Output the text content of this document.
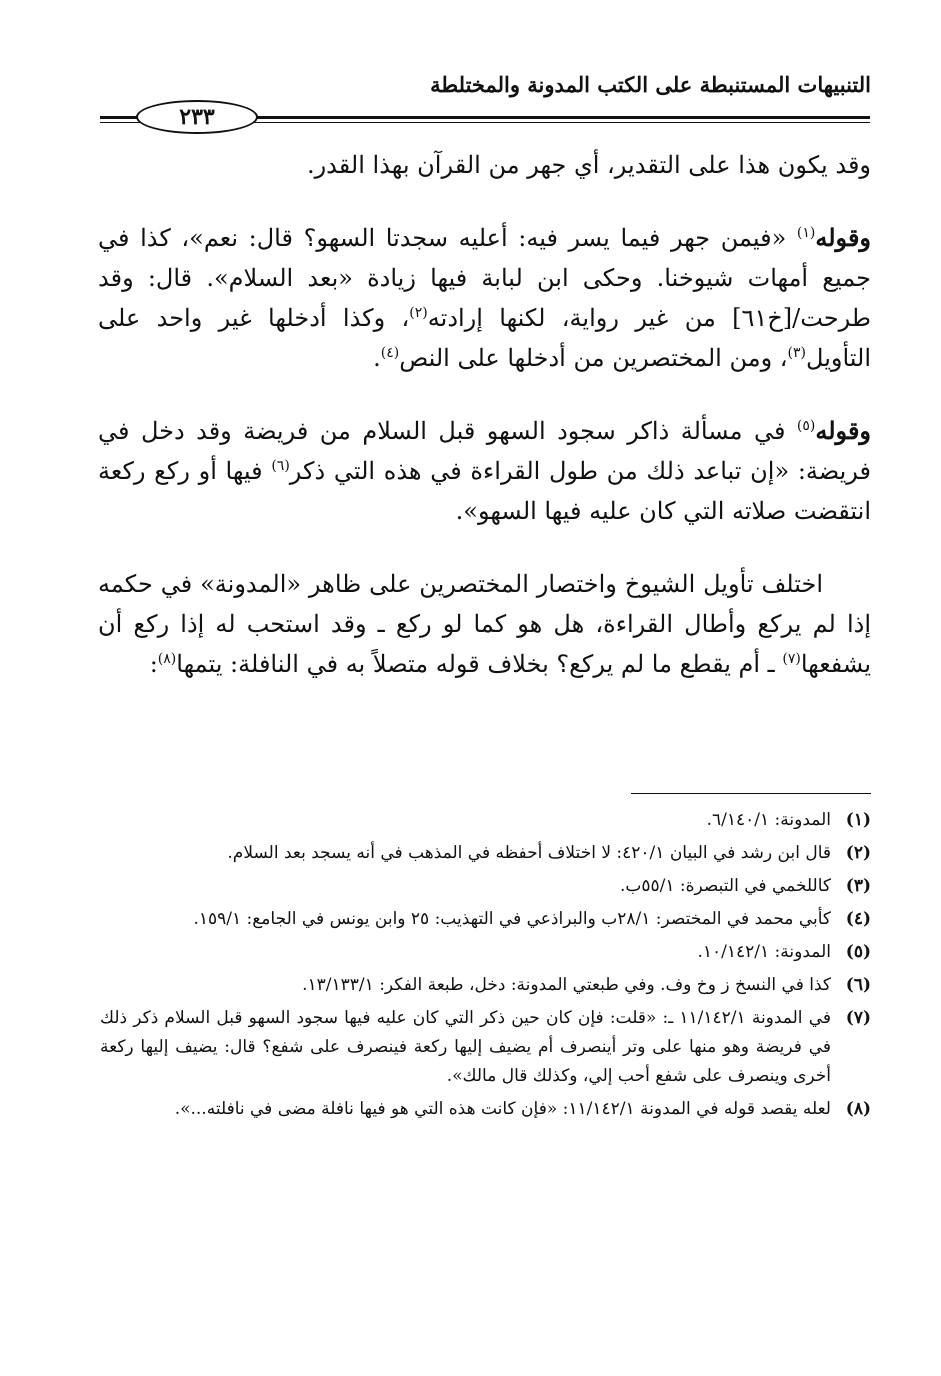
التنبيهات المستنبطة على الكتب المدونة والمختلطة
٢٣٣

وقد يكون هذا على التقدير، أي جهر من القرآن بهذا القدر.

وقوله$^{(١)}$ «فيمن جهر فيما يسر فيه: أعليه سجدتا السهو؟ قال: نعم»، كذا في جميع أمهات شيوخنا. وحكى ابن لبابة فيها زيادة «بعد السلام». قال: وقد طرحت/[خ٦١] من غير رواية، لكنها إرادته$^{(٢)}$، وكذا أدخلها غير واحد على التأويل$^{(٣)}$، ومن المختصرين من أدخلها على النص$^{(٤)}$.

وقوله$^{(٥)}$ في مسألة ذاكر سجود السهو قبل السلام من فريضة وقد دخل في فريضة: «إن تباعد ذلك من طول القراءة في هذه التي ذكر$^{(٦)}$ فيها أو ركع ركعة انتقضت صلاته التي كان عليه فيها السهو».

اختلف تأويل الشيوخ واختصار المختصرين على ظاهر «المدونة» في حكمه إذا لم يركع وأطال القراءة، هل هو كما لو ركع ـ وقد استحب له إذا ركع أن يشفعها$^{(٧)}$ ـ أم يقطع ما لم يركع؟ بخلاف قوله متصلاً به في النافلة: يتمها$^{(٨)}$:

(١)
المدونة: ٦/١٤٠/١.
(٢)
قال ابن رشد في البيان ٤٢٠/١: لا اختلاف أحفظه في المذهب في أنه يسجد بعد السلام.
(٣)
كاللخمي في التبصرة: ٥٥/١ب.
(٤)
كأبي محمد في المختصر: ٢٨/١ب والبراذعي في التهذيب: ٢٥ وابن يونس في الجامع: ١٥٩/١.
(٥)
المدونة: ١٠/١٤٢/١.
(٦)
كذا في النسخ ز وخ وف. وفي طبعتي المدونة: دخل، طبعة الفكر: ١٣/١٣٣/١.
(٧)
في المدونة ١١/١٤٢/١ ـ: «قلت: فإن كان حين ذكر التي كان عليه فيها سجود السهو قبل السلام ذكر ذلك في فريضة وهو منها على وتر أينصرف أم يضيف إليها ركعة فينصرف على شفع؟ قال: يضيف إليها ركعة أخرى وينصرف على شفع أحب إلي، وكذلك قال مالك».
(٨)
لعله يقصد قوله في المدونة ١١/١٤٢/١: «فإن كانت هذه التي هو فيها نافلة مضى في نافلته...».
